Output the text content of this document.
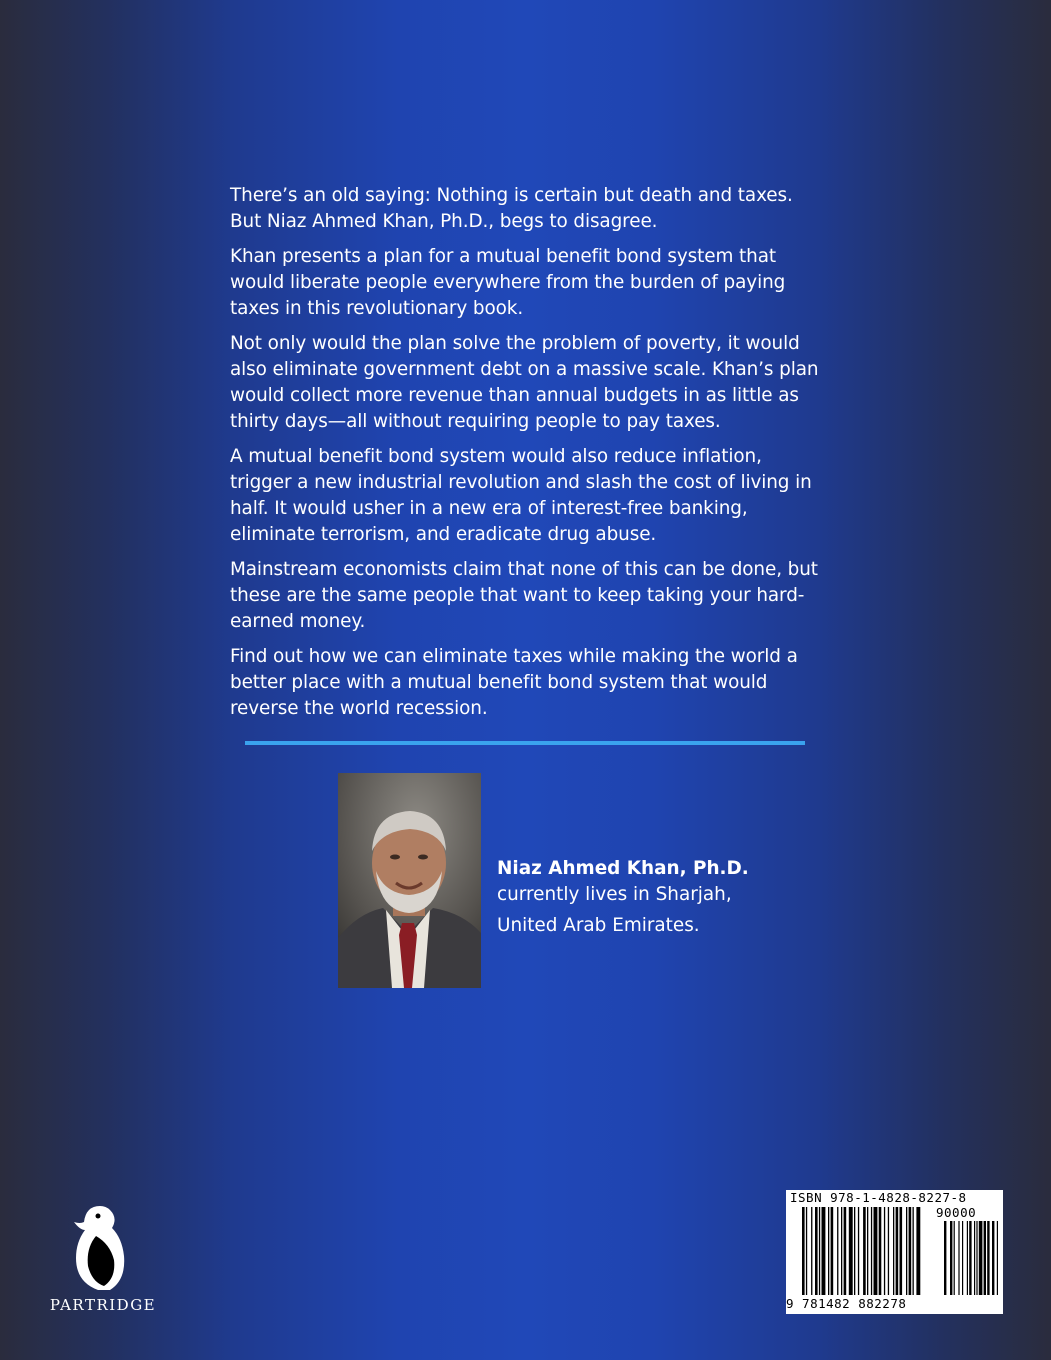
There’s an old saying: Nothing is certain but death and taxes. But Niaz Ahmed Khan, Ph.D., begs to disagree.

Khan presents a plan for a mutual benefit bond system that would liberate people everywhere from the burden of paying taxes in this revolutionary book.

Not only would the plan solve the problem of poverty, it would also eliminate government debt on a massive scale. Khan’s plan would collect more revenue than annual budgets in as little as thirty days—all without requiring people to pay taxes.

A mutual benefit bond system would also reduce inflation, trigger a new industrial revolution and slash the cost of living in half. It would usher in a new era of interest-free banking, eliminate terrorism, and eradicate drug abuse.

Mainstream economists claim that none of this can be done, but these are the same people that want to keep taking your hard-earned money.

Find out how we can eliminate taxes while making the world a better place with a mutual benefit bond system that would reverse the world recession.

Niaz Ahmed Khan, Ph.D.
currently lives in Sharjah,
United Arab Emirates.
PARTRIDGE
ISBN 978-1-4828-8227-8
90000
9 781482 882278
